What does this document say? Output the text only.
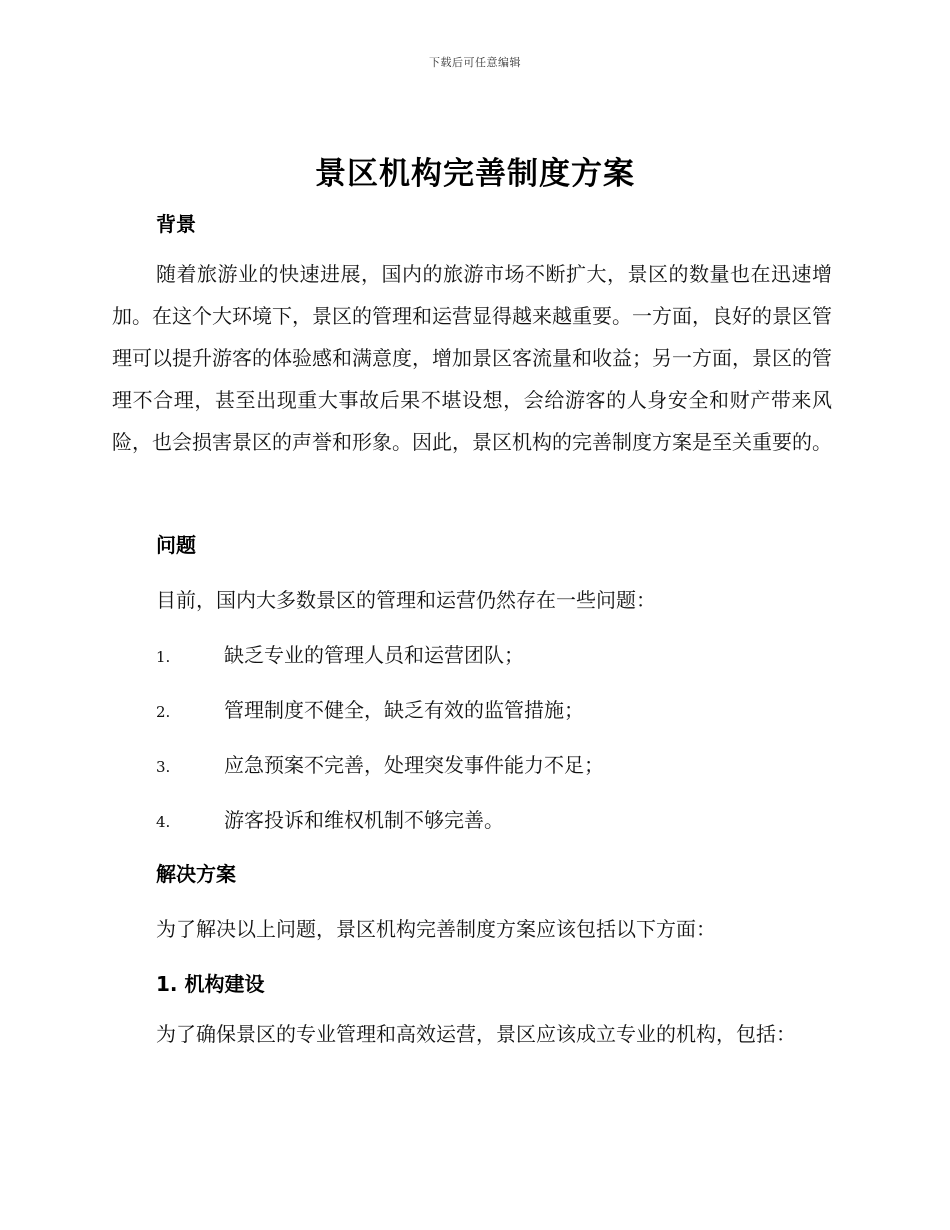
下载后可任意编辑
景区机构完善制度方案
背景
随着旅游业的快速进展，国内的旅游市场不断扩大，景区的数量也在迅速增加。在这个大环境下，景区的管理和运营显得越来越重要。一方面，良好的景区管理可以提升游客的体验感和满意度，增加景区客流量和收益；另一方面，景区的管理不合理，甚至出现重大事故后果不堪设想，会给游客的人身安全和财产带来风险，也会损害景区的声誉和形象。因此，景区机构的完善制度方案是至关重要的。
问题
目前，国内大多数景区的管理和运营仍然存在一些问题：
1.	缺乏专业的管理人员和运营团队；
2.	管理制度不健全，缺乏有效的监管措施；
3.	应急预案不完善，处理突发事件能力不足；
4.	游客投诉和维权机制不够完善。
解决方案
为了解决以上问题，景区机构完善制度方案应该包括以下方面：
1. 机构建设
为了确保景区的专业管理和高效运营，景区应该成立专业的机构，包括：
